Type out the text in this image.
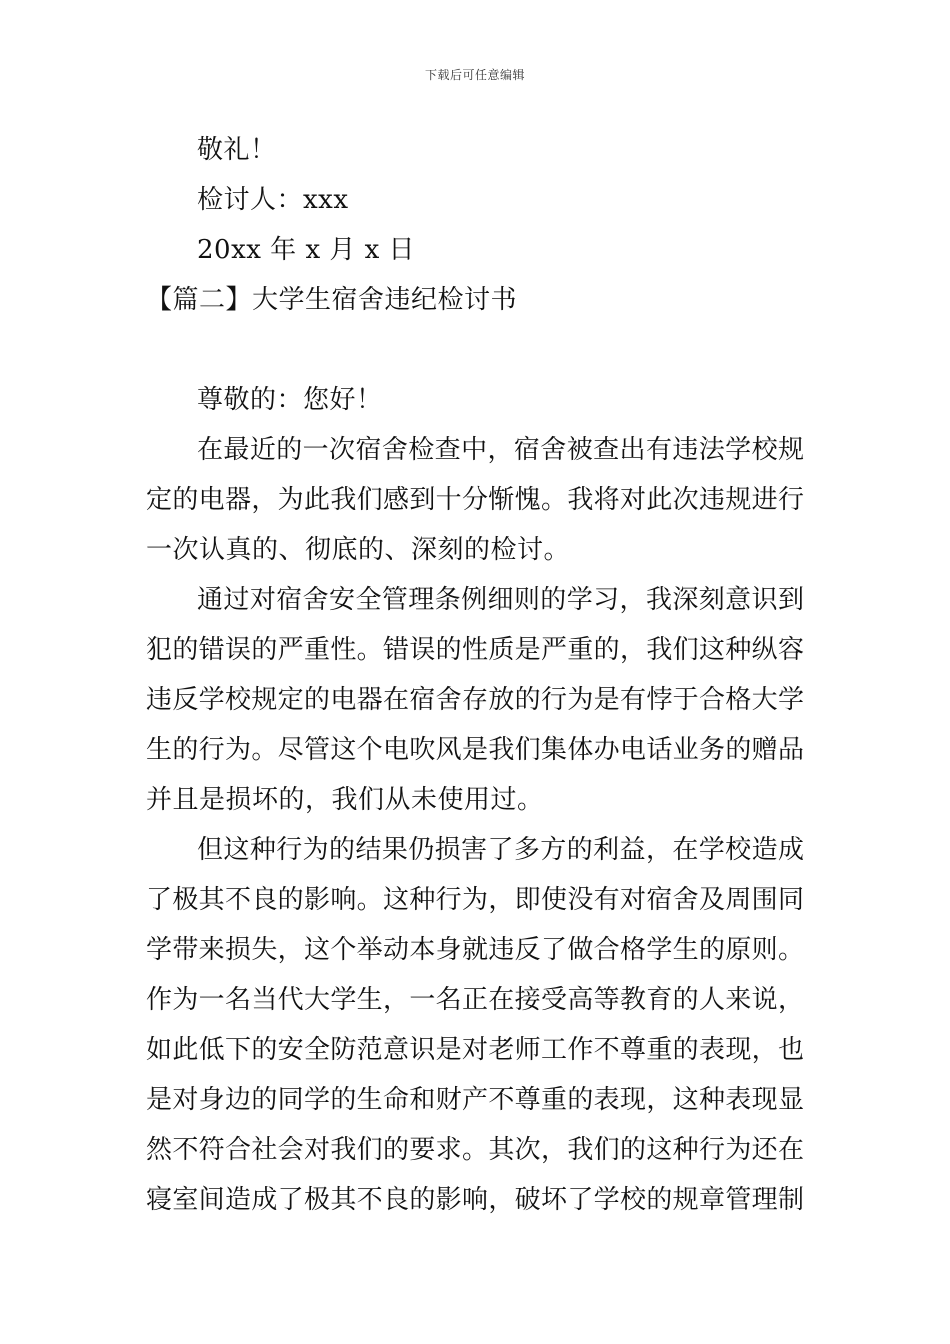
下载后可任意编辑
敬礼！
检讨人：xxx
20xx 年 x 月 x 日
【篇二】大学生宿舍违纪检讨书
尊敬的：您好！
在最近的一次宿舍检查中，宿舍被查出有违法学校规
定的电器，为此我们感到十分惭愧。我将对此次违规进行
一次认真的、彻底的、深刻的检讨。
通过对宿舍安全管理条例细则的学习，我深刻意识到
犯的错误的严重性。错误的性质是严重的，我们这种纵容
违反学校规定的电器在宿舍存放的行为是有悖于合格大学
生的行为。尽管这个电吹风是我们集体办电话业务的赠品
并且是损坏的，我们从未使用过。
但这种行为的结果仍损害了多方的利益，在学校造成
了极其不良的影响。这种行为，即使没有对宿舍及周围同
学带来损失，这个举动本身就违反了做合格学生的原则。
作为一名当代大学生，一名正在接受高等教育的人来说，
如此低下的安全防范意识是对老师工作不尊重的表现，也
是对身边的同学的生命和财产不尊重的表现，这种表现显
然不符合社会对我们的要求。其次，我们的这种行为还在
寝室间造成了极其不良的影响，破坏了学校的规章管理制
